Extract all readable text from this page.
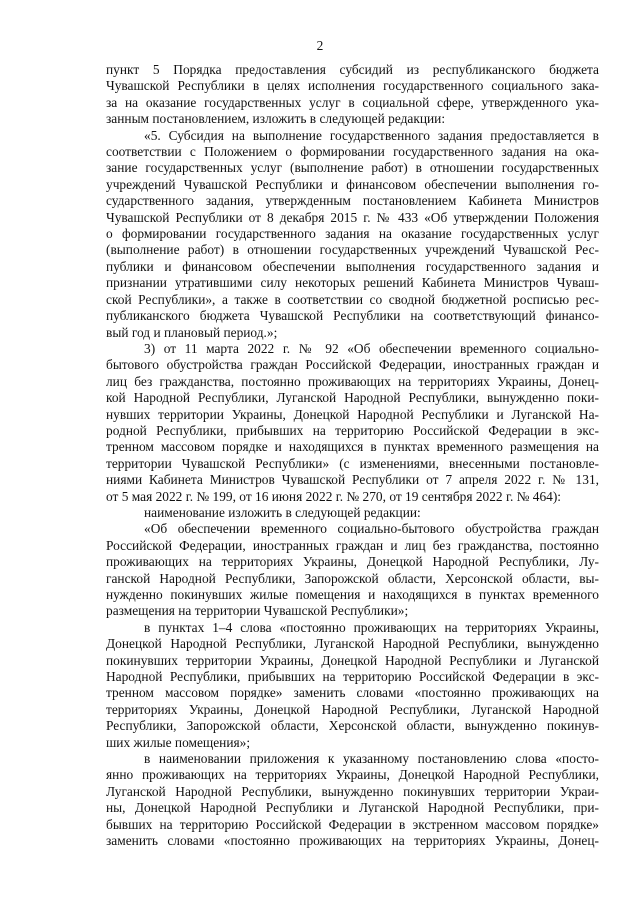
2
пункт 5 Порядка предоставления субсидий из республиканского бюджета
Чувашской Республики в целях исполнения государственного социального зака-
за на оказание государственных услуг в социальной сфере, утвержденного ука-
занным постановлением, изложить в следующей редакции:
«5. Субсидия на выполнение государственного задания предоставляется в
соответствии с Положением о формировании государственного задания на ока-
зание государственных услуг (выполнение работ) в отношении государственных
учреждений Чувашской Республики и финансовом обеспечении выполнения го-
сударственного задания, утвержденным постановлением Кабинета Министров
Чувашской Республики от 8 декабря 2015 г. № 433 «Об утверждении Положения
о формировании государственного задания на оказание государственных услуг
(выполнение работ) в отношении государственных учреждений Чувашской Рес-
публики и финансовом обеспечении выполнения государственного задания и
признании утратившими силу некоторых решений Кабинета Министров Чуваш-
ской Республики», а также в соответствии со сводной бюджетной росписью рес-
публиканского бюджета Чувашской Республики на соответствующий финансо-
вый год и плановый период.»;
3) от 11 марта 2022 г. № 92 «Об обеспечении временного социально-
бытового обустройства граждан Российской Федерации, иностранных граждан и
лиц без гражданства, постоянно проживающих на территориях Украины, Донец-
кой Народной Республики, Луганской Народной Республики, вынужденно поки-
нувших территории Украины, Донецкой Народной Республики и Луганской На-
родной Республики, прибывших на территорию Российской Федерации в экс-
тренном массовом порядке и находящихся в пунктах временного размещения на
территории Чувашской Республики» (с изменениями, внесенными постановле-
ниями Кабинета Министров Чувашской Республики от 7 апреля 2022 г. № 131,
от 5 мая 2022 г. № 199, от 16 июня 2022 г. № 270, от 19 сентября 2022 г. № 464):
наименование изложить в следующей редакции:
«Об обеспечении временного социально-бытового обустройства граждан
Российской Федерации, иностранных граждан и лиц без гражданства, постоянно
проживающих на территориях Украины, Донецкой Народной Республики, Лу-
ганской Народной Республики, Запорожской области, Херсонской области, вы-
нужденно покинувших жилые помещения и находящихся в пунктах временного
размещения на территории Чувашской Республики»;
в пунктах 1–4 слова «постоянно проживающих на территориях Украины,
Донецкой Народной Республики, Луганской Народной Республики, вынужденно
покинувших территории Украины, Донецкой Народной Республики и Луганской
Народной Республики, прибывших на территорию Российской Федерации в экс-
тренном массовом порядке» заменить словами «постоянно проживающих на
территориях Украины, Донецкой Народной Республики, Луганской Народной
Республики, Запорожской области, Херсонской области, вынужденно покинув-
ших жилые помещения»;
в наименовании приложения к указанному постановлению слова «посто-
янно проживающих на территориях Украины, Донецкой Народной Республики,
Луганской Народной Республики, вынужденно покинувших территории Украи-
ны, Донецкой Народной Республики и Луганской Народной Республики, при-
бывших на территорию Российской Федерации в экстренном массовом порядке»
заменить словами «постоянно проживающих на территориях Украины, Донец-
